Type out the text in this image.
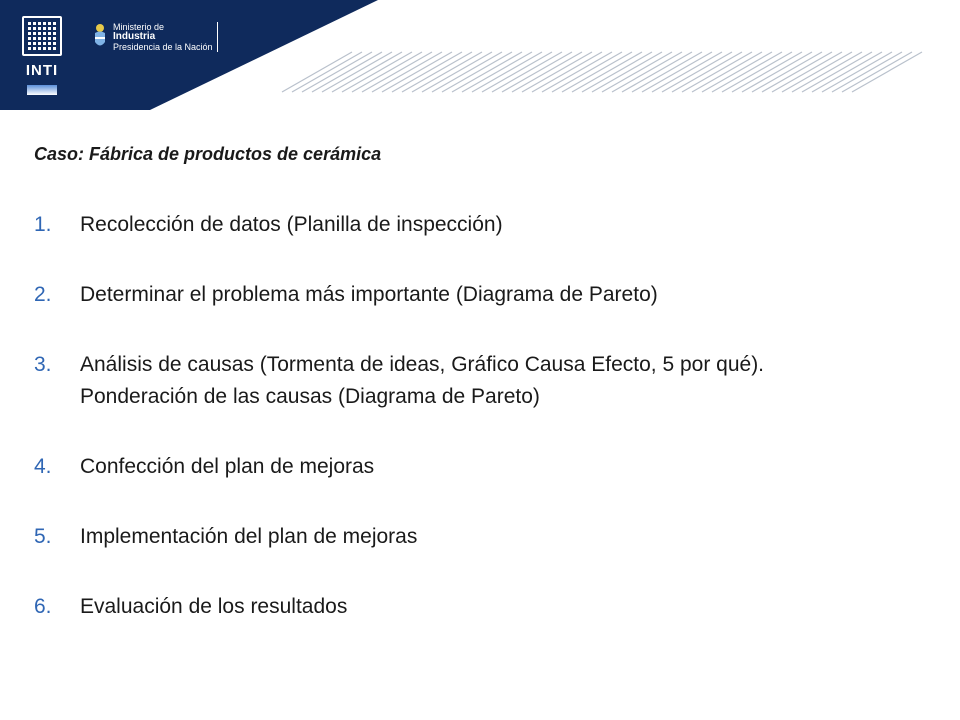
INTI
Ministerio de
Industria
Presidencia de la Nación
Caso: Fábrica de productos de cerámica
1. Recolección de datos (Planilla de inspección)
2. Determinar el problema más importante (Diagrama de Pareto)
3. Análisis de causas (Tormenta de ideas, Gráfico Causa Efecto, 5 por qué). Ponderación de las causas (Diagrama de Pareto)
4. Confección del plan de mejoras
5. Implementación del plan de mejoras
6. Evaluación de los resultados
